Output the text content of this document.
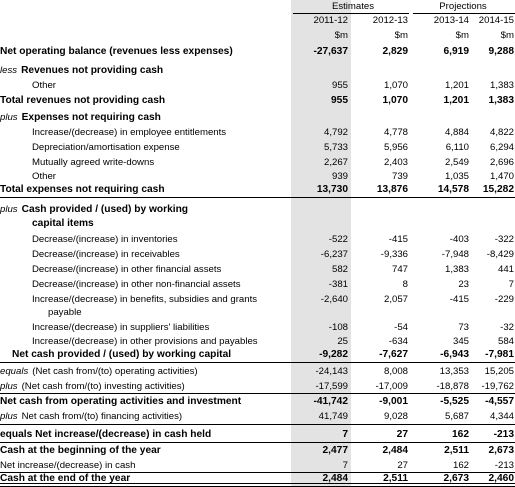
Estimates	Projections
2011-12	2012-13	2013-14	2014-15
$m	$m	$m	$m
Net operating balance (revenues less expenses)	-27,637	2,829	6,919	9,288
less Revenues not providing cash
Other	955	1,070	1,201	1,383
Total revenues not providing cash	955	1,070	1,201	1,383
plus Expenses not requiring cash
Increase/(decrease) in employee entitlements	4,792	4,778	4,884	4,822
Depreciation/amortisation expense	5,733	5,956	6,110	6,294
Mutually agreed write-downs	2,267	2,403	2,549	2,696
Other	939	739	1,035	1,470
Total expenses not requiring cash	13,730	13,876	14,578	15,282
plus Cash provided / (used) by working
capital items
Decrease/(increase) in inventories	-522	-415	-403	-322
Decrease/(increase) in receivables	-6,237	-9,336	-7,948	-8,429
Decrease/(increase) in other financial assets	582	747	1,383	441
Decrease/(increase) in other non-financial assets	-381	8	23	7
Increase/(decrease) in benefits, subsidies and grants	-2,640	2,057	-415	-229
payable
Increase/(decrease) in suppliers' liabilities	-108	-54	73	-32
Increase/(decrease) in other provisions and payables	25	-634	345	584
Net cash provided / (used) by working capital	-9,282	-7,627	-6,943	-7,981
equals (Net cash from/(to) operating activities)	-24,143	8,008	13,353	15,205
plus (Net cash from/(to) investing activities)	-17,599	-17,009	-18,878	-19,762
Net cash from operating activities and investment	-41,742	-9,001	-5,525	-4,557
plus Net cash from/(to) financing activities)	41,749	9,028	5,687	4,344
equals Net increase/(decrease) in cash held	7	27	162	-213
Cash at the beginning of the year	2,477	2,484	2,511	2,673
Net increase/(decrease) in cash	7	27	162	-213
Cash at the end of the year	2,484	2,511	2,673	2,460
